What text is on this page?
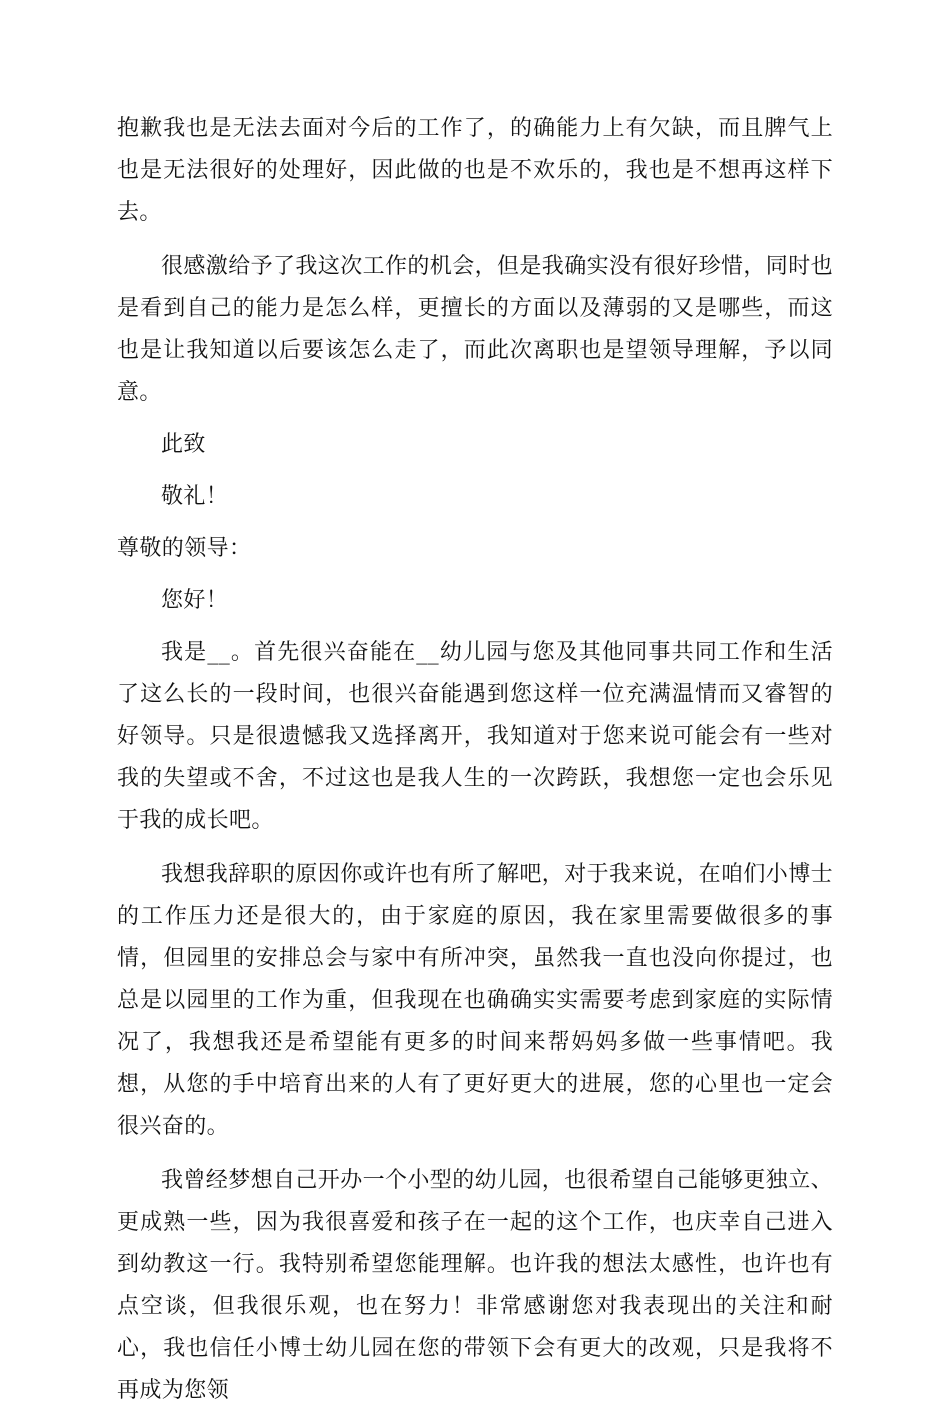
抱歉我也是无法去面对今后的工作了，的确能力上有欠缺，而且脾气上也是无法很好的处理好，因此做的也是不欢乐的，我也是不想再这样下去。

很感激给予了我这次工作的机会，但是我确实没有很好珍惜，同时也是看到自己的能力是怎么样，更擅长的方面以及薄弱的又是哪些，而这也是让我知道以后要该怎么走了，而此次离职也是望领导理解，予以同意。

此致

敬礼！

尊敬的领导：

您好！

我是__。首先很兴奋能在__幼儿园与您及其他同事共同工作和生活了这么长的一段时间，也很兴奋能遇到您这样一位充满温情而又睿智的好领导。只是很遗憾我又选择离开，我知道对于您来说可能会有一些对我的失望或不舍，不过这也是我人生的一次跨跃，我想您一定也会乐见于我的成长吧。

我想我辞职的原因你或许也有所了解吧，对于我来说，在咱们小博士的工作压力还是很大的，由于家庭的原因，我在家里需要做很多的事情，但园里的安排总会与家中有所冲突，虽然我一直也没向你提过，也总是以园里的工作为重，但我现在也确确实实需要考虑到家庭的实际情况了，我想我还是希望能有更多的时间来帮妈妈多做一些事情吧。我想，从您的手中培育出来的人有了更好更大的进展，您的心里也一定会很兴奋的。

我曾经梦想自己开办一个小型的幼儿园，也很希望自己能够更独立、更成熟一些，因为我很喜爱和孩子在一起的这个工作，也庆幸自己进入到幼教这一行。我特别希望您能理解。也许我的想法太感性，也许也有点空谈，但我很乐观，也在努力！非常感谢您对我表现出的关注和耐心，我也信任小博士幼儿园在您的带领下会有更大的改观，只是我将不再成为您领
